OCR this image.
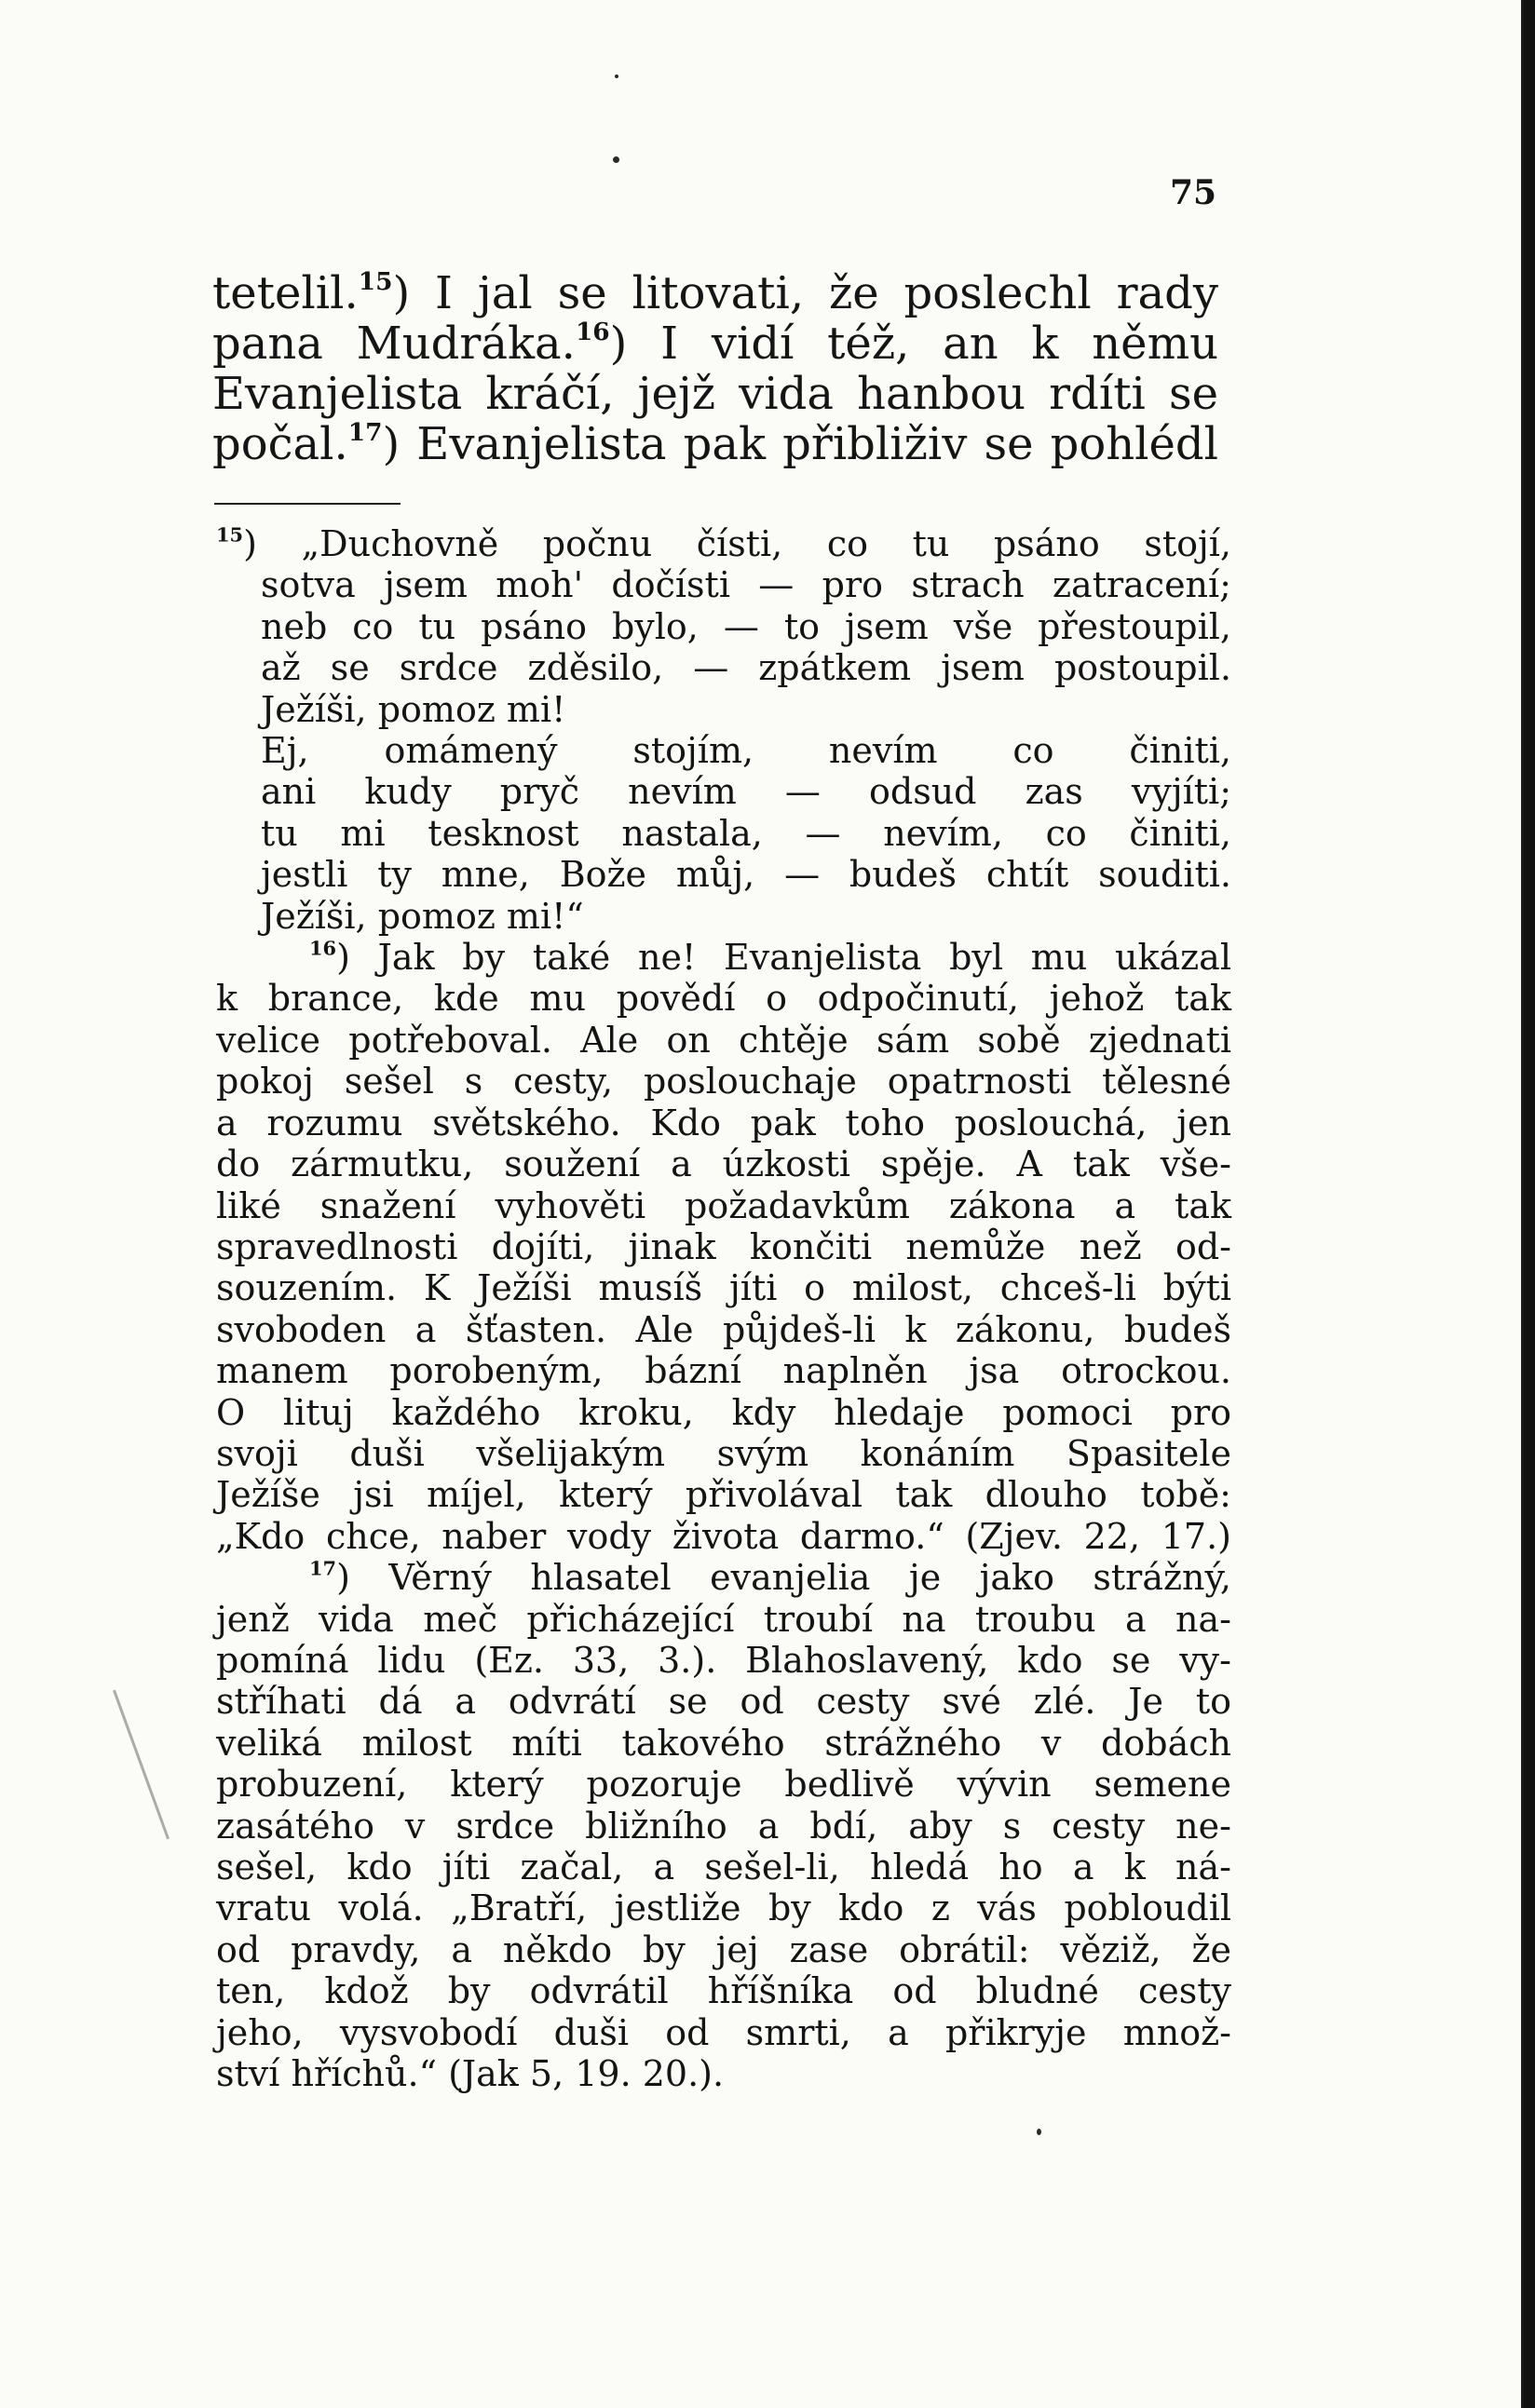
75
tetelil.$^{15}$) I jal se litovati, že poslechl rady
pana Mudráka.$^{16}$) I vidí též, an k němu
Evanjelista kráčí, jejž vida hanbou rdíti se
počal.$^{17}$) Evanjelista pak přibliživ se pohlédl
$^{15}$) „Duchovně počnu čísti, co tu psáno stojí,
sotva jsem moh' dočísti — pro strach zatracení;
neb co tu psáno bylo, — to jsem vše přestoupil,
až se srdce zděsilo, — zpátkem jsem postoupil.
Ježíši, pomoz mi!
Ej, omámený stojím, nevím co činiti,
ani kudy pryč nevím — odsud zas vyjíti;
tu mi tesknost nastala, — nevím, co činiti,
jestli ty mne, Bože můj, — budeš chtít souditi.
Ježíši, pomoz mi!“
$^{16}$) Jak by také ne! Evanjelista byl mu ukázal
k brance, kde mu povědí o odpočinutí, jehož tak
velice potřeboval. Ale on chtěje sám sobě zjednati
pokoj sešel s cesty, poslouchaje opatrnosti tělesné
a rozumu světského. Kdo pak toho poslouchá, jen
do zármutku, soužení a úzkosti spěje. A tak vše-
liké snažení vyhověti požadavkům zákona a tak
spravedlnosti dojíti, jinak končiti nemůže než od-
souzením. K Ježíši musíš jíti o milost, chceš-li býti
svoboden a šťasten. Ale půjdeš-li k zákonu, budeš
manem porobeným, bázní naplněn jsa otrockou.
O lituj každého kroku, kdy hledaje pomoci pro
svoji duši všelijakým svým konáním Spasitele
Ježíše jsi míjel, který přivolával tak dlouho tobě:
„Kdo chce, naber vody života darmo.“ (Zjev. 22, 17.)
$^{17}$) Věrný hlasatel evanjelia je jako strážný,
jenž vida meč přicházející troubí na troubu a na-
pomíná lidu (Ez. 33, 3.). Blahoslavený, kdo se vy-
stříhati dá a odvrátí se od cesty své zlé. Je to
veliká milost míti takového strážného v dobách
probuzení, který pozoruje bedlivě vývin semene
zasátého v srdce bližního a bdí, aby s cesty ne-
sešel, kdo jíti začal, a sešel-li, hledá ho a k ná-
vratu volá. „Bratří, jestliže by kdo z vás pobloudil
od pravdy, a někdo by jej zase obrátil: věziž, že
ten, kdož by odvrátil hříšníka od bludné cesty
jeho, vysvobodí duši od smrti, a přikryje množ-
ství hříchů.“ (Jak 5, 19. 20.).
